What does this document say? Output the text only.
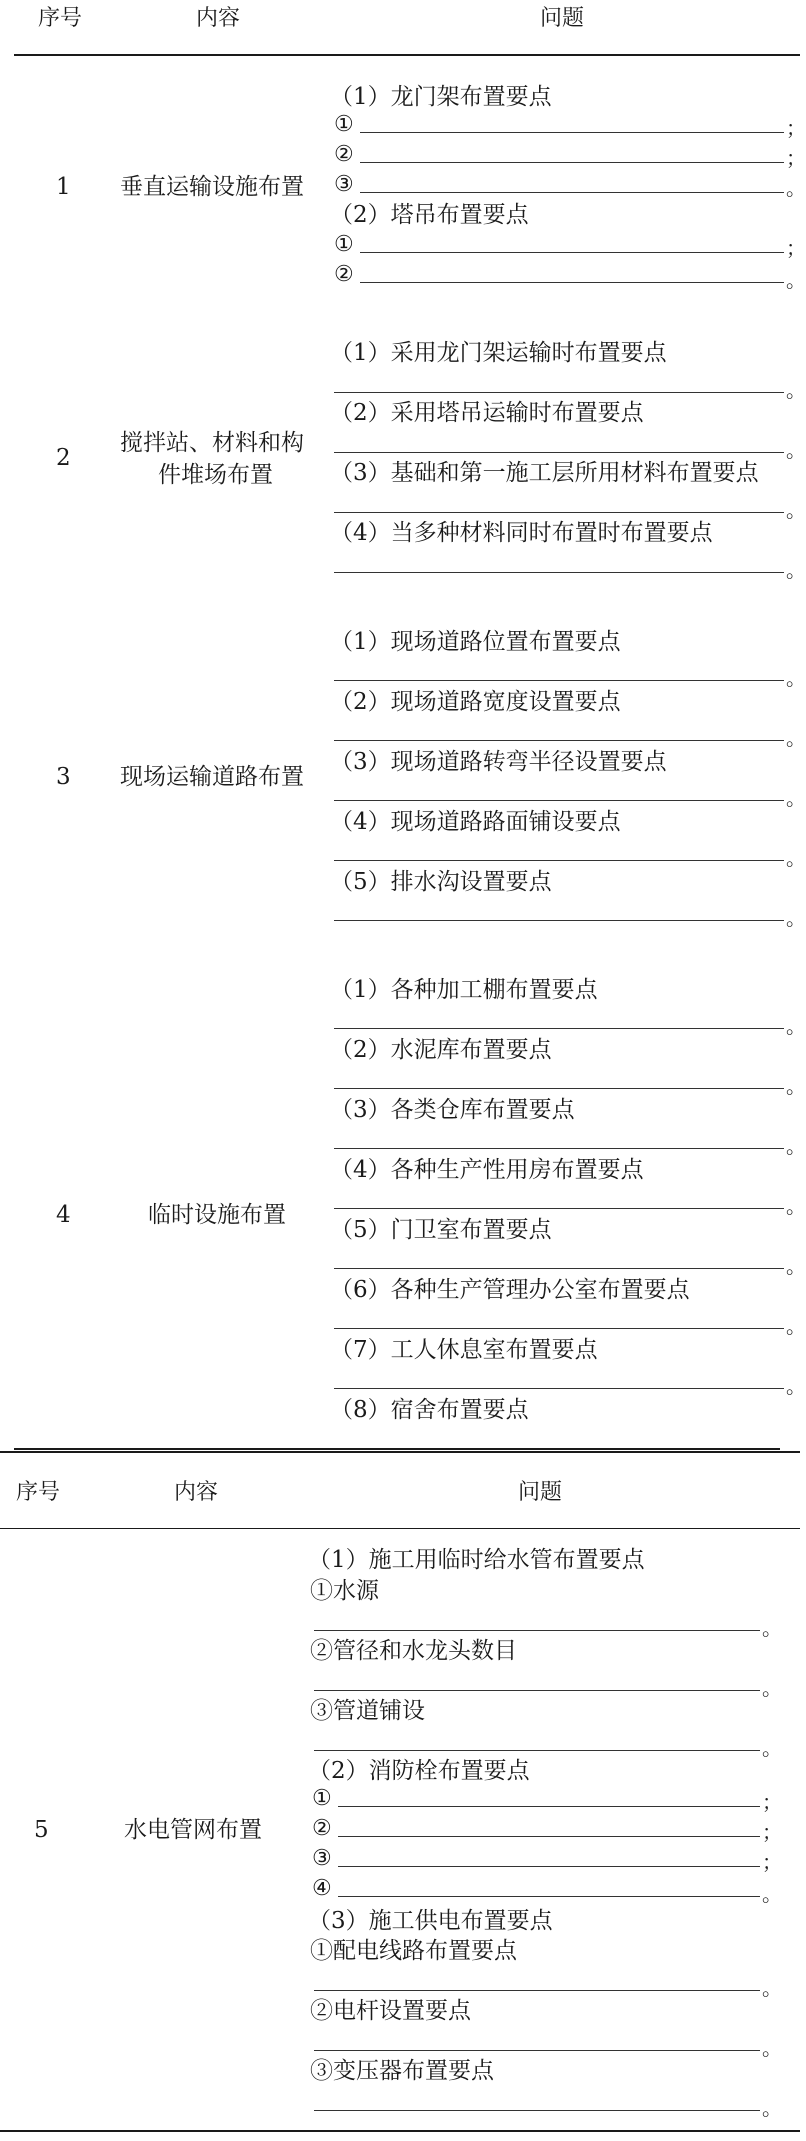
序号	内容	问题
1 垂直运输设施布置
（1）龙门架布置要点
①	；
②	；
③	。
（2）塔吊布置要点
①	；
②	。
2
搅拌站、材料和构
件堆场布置
（1）采用龙门架运输时布置要点
。
（2）采用塔吊运输时布置要点
。
（3）基础和第一施工层所用材料布置要点
。
（4）当多种材料同时布置时布置要点
。
3 现场运输道路布置
（1）现场道路位置布置要点
。
（2）现场道路宽度设置要点
。
（3）现场道路转弯半径设置要点
。
（4）现场道路路面铺设要点
。
（5）排水沟设置要点
。
4	临时设施布置
（1）各种加工棚布置要点
。
（2）水泥库布置要点
。
（3）各类仓库布置要点
。
（4）各种生产性用房布置要点
。
（5）门卫室布置要点
。
（6）各种生产管理办公室布置要点
。
（7）工人休息室布置要点
。
（8）宿舍布置要点
序号	内容	问题
5	水电管网布置
（1）施工用临时给水管布置要点
①水源
。
②管径和水龙头数目
。
③管道铺设
。
（2）消防栓布置要点
①	；
②	；
③	；
④	。
（3）施工供电布置要点
①配电线路布置要点
。
②电杆设置要点
。
③变压器布置要点
。
